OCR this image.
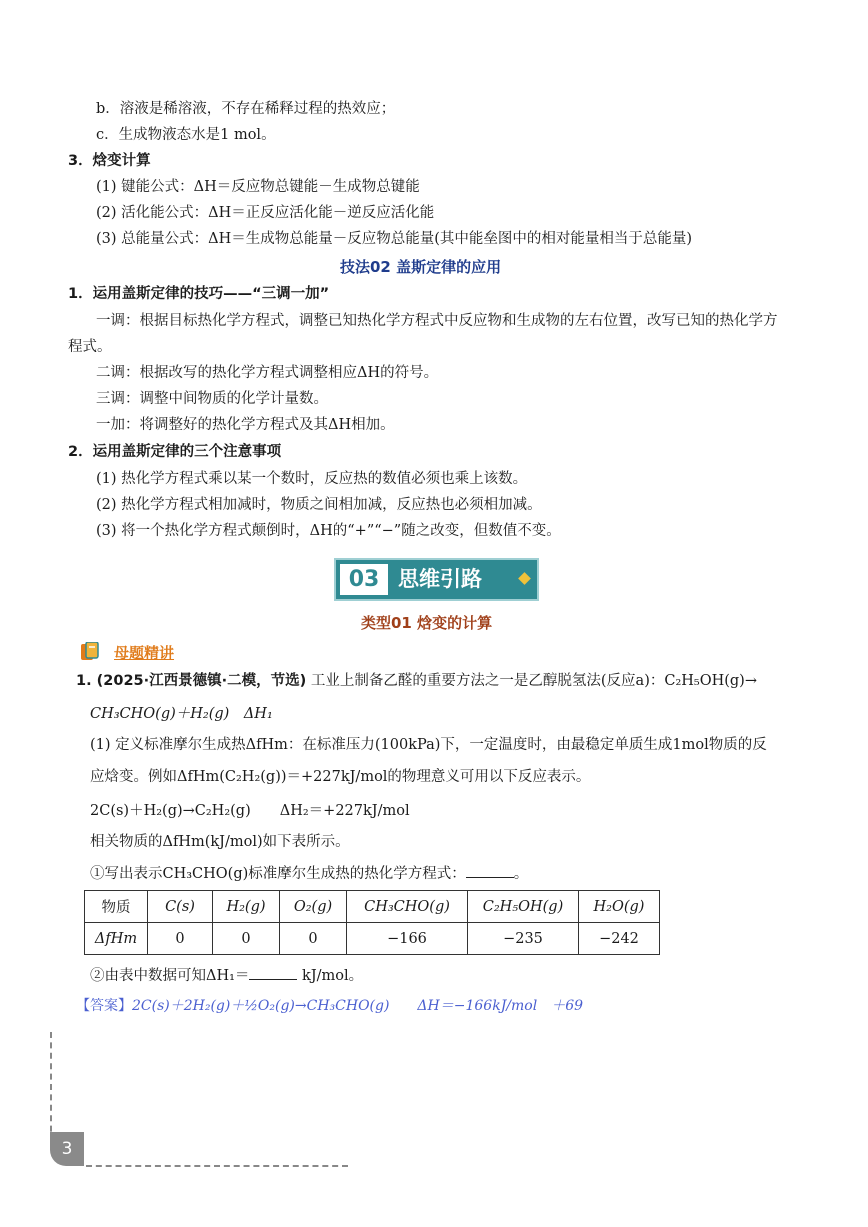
b．溶液是稀溶液，不存在稀释过程的热效应；
c．生成物液态水是1 mol。
3．焓变计算
(1) 键能公式：ΔH＝反应物总键能－生成物总键能
(2) 活化能公式：ΔH＝正反应活化能－逆反应活化能
(3) 总能量公式：ΔH＝生成物总能量－反应物总能量(其中能垒图中的相对能量相当于总能量)
技法02 盖斯定律的应用
1．运用盖斯定律的技巧——“三调一加”
一调：根据目标热化学方程式，调整已知热化学方程式中反应物和生成物的左右位置，改写已知的热化学方
程式。
二调：根据改写的热化学方程式调整相应ΔH的符号。
三调：调整中间物质的化学计量数。
一加：将调整好的热化学方程式及其ΔH相加。
2．运用盖斯定律的三个注意事项
(1) 热化学方程式乘以某一个数时，反应热的数值必须也乘上该数。
(2) 热化学方程式相加减时，物质之间相加减，反应热也必须相加减。
(3) 将一个热化学方程式颠倒时，ΔH的“+”“−”随之改变，但数值不变。
03 思维引路
类型01 焓变的计算
母题精讲
1. (2025·江西景德镇·二模，节选) 工业上制备乙醛的重要方法之一是乙醇脱氢法(反应a)：C₂H₅OH(g)→
CH₃CHO(g)＋H₂(g)　ΔH₁
(1) 定义标准摩尔生成热ΔfHm：在标准压力(100kPa)下，一定温度时，由最稳定单质生成1mol物质的反
应焓变。例如ΔfHm(C₂H₂(g))＝+227kJ/mol的物理意义可用以下反应表示。
2C(s)＋H₂(g)→C₂H₂(g)　　ΔH₂＝+227kJ/mol
相关物质的ΔfHm(kJ/mol)如下表所示。
①写出表示CH₃CHO(g)标准摩尔生成热的热化学方程式：	。
物质	C(s)	H₂(g)	O₂(g)	CH₃CHO(g)	C₂H₅OH(g)	H₂O(g)
ΔfHm	0	0	0	−166	−235	−242
②由表中数据可知ΔH₁＝	kJ/mol。
【答案】2C(s)＋2H₂(g)＋½O₂(g)→CH₃CHO(g)　　ΔH＝−166kJ/mol　＋69
3
